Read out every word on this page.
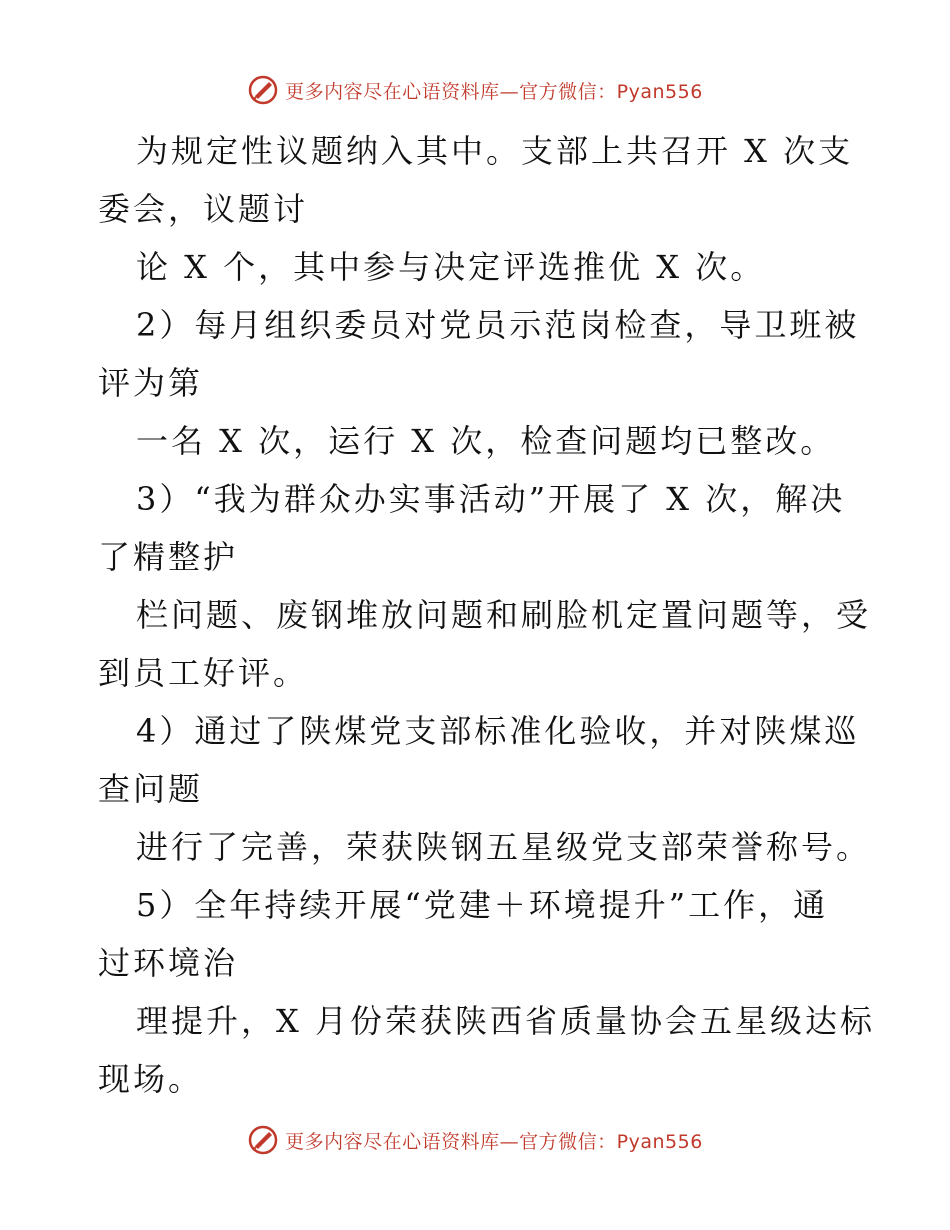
更多内容尽在心语资料库—官方微信：Pyan556
为规定性议题纳入其中。支部上共召开 X 次支
委会，议题讨
论 X 个，其中参与决定评选推优 X 次。
2）每月组织委员对党员示范岗检查，导卫班被
评为第
一名 X 次，运行 X 次，检查问题均已整改。
3）“我为群众办实事活动”开展了 X 次，解决
了精整护
栏问题、废钢堆放问题和刷脸机定置问题等，受
到员工好评。
4）通过了陕煤党支部标准化验收，并对陕煤巡
查问题
进行了完善，荣获陕钢五星级党支部荣誉称号。
5）全年持续开展“党建＋环境提升”工作，通
过环境治
理提升，X 月份荣获陕西省质量协会五星级达标
现场。
更多内容尽在心语资料库—官方微信：Pyan556
